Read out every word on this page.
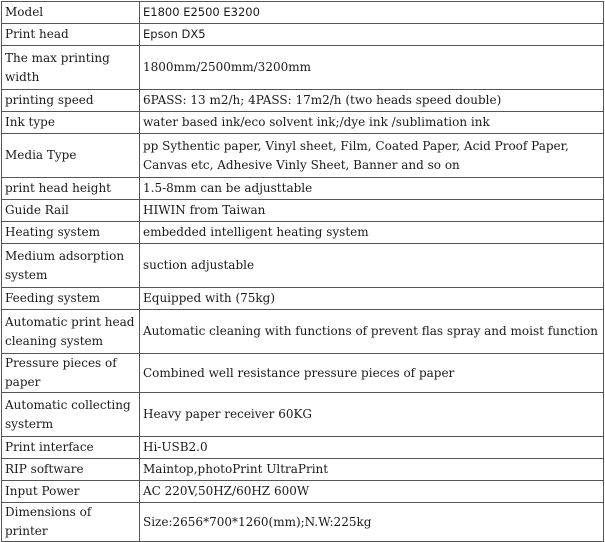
Model	E1800 E2500 E3200
Print head	Epson DX5
The max printing width	1800mm/2500mm/3200mm
printing speed	6PASS: 13 m2/h; 4PASS: 17m2/h (two heads speed double)
Ink type	water based ink/eco solvent ink;/dye ink /sublimation ink
Media Type	pp Sythentic paper, Vinyl sheet, Film, Coated Paper, Acid Proof Paper, Canvas etc, Adhesive Vinly Sheet, Banner and so on
print head height	1.5-8mm can be adjusttable
Guide Rail	HIWIN from Taiwan
Heating system	embedded intelligent heating system
Medium adsorption system	suction adjustable
Feeding system	Equipped with (75kg)
Automatic print head cleaning system	Automatic cleaning with functions of prevent flas spray and moist function
Pressure pieces of paper	Combined well resistance pressure pieces of paper
Automatic collecting systerm	Heavy paper receiver 60KG
Print interface	Hi-USB2.0
RIP software	Maintop,photoPrint UltraPrint
Input Power	AC 220V,50HZ/60HZ 600W
Dimensions of printer	Size:2656*700*1260(mm);N.W:225kg
